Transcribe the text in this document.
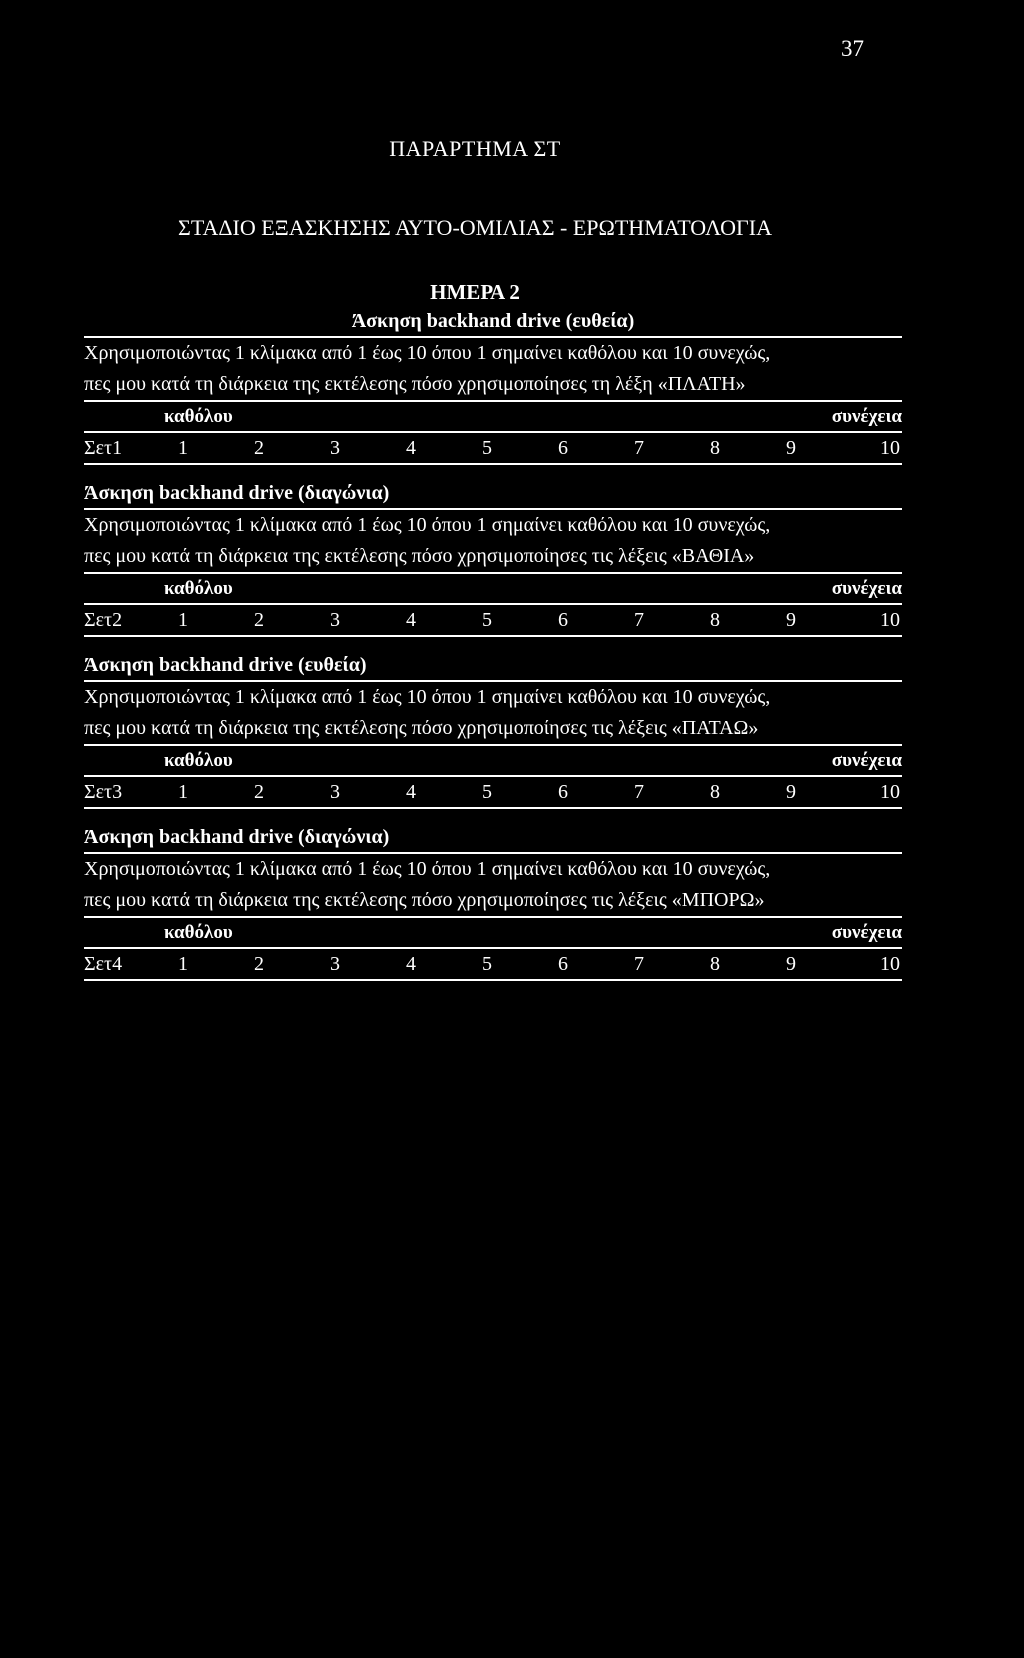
37
ΠΑΡΑΡΤΗΜΑ ΣΤ
ΣΤΑΔΙΟ ΕΞΑΣΚΗΣΗΣ ΑΥΤΟ-ΟΜΙΛΙΑΣ - ΕΡΩΤΗΜΑΤΟΛΟΓΙΑ
ΗΜΕΡΑ 2
Άσκηση backhand drive (ευθεία)
Χρησιμοποιώντας 1 κλίμακα από 1 έως 10 όπου 1 σημαίνει καθόλου και 10 συνεχώς,
πες μου κατά τη διάρκεια της εκτέλεσης πόσο χρησιμοποίησες τη λέξη «ΠΛΑΤΗ»
καθόλου	συνέχεια
Σετ1	1	2	3	4	5	6	7	8	9	10
Άσκηση backhand drive (διαγώνια)
Χρησιμοποιώντας 1 κλίμακα από 1 έως 10 όπου 1 σημαίνει καθόλου και 10 συνεχώς,
πες μου κατά τη διάρκεια της εκτέλεσης πόσο χρησιμοποίησες τις λέξεις «ΒΑΘΙΑ»
καθόλου	συνέχεια
Σετ2	1	2	3	4	5	6	7	8	9	10
Άσκηση backhand drive (ευθεία)
Χρησιμοποιώντας 1 κλίμακα από 1 έως 10 όπου 1 σημαίνει καθόλου και 10 συνεχώς,
πες μου κατά τη διάρκεια της εκτέλεσης πόσο χρησιμοποίησες τις λέξεις «ΠΑΤΑΩ»
καθόλου	συνέχεια
Σετ3	1	2	3	4	5	6	7	8	9	10
Άσκηση backhand drive (διαγώνια)
Χρησιμοποιώντας 1 κλίμακα από 1 έως 10 όπου 1 σημαίνει καθόλου και 10 συνεχώς,
πες μου κατά τη διάρκεια της εκτέλεσης πόσο χρησιμοποίησες τις λέξεις «ΜΠΟΡΩ»
καθόλου	συνέχεια
Σετ4	1	2	3	4	5	6	7	8	9	10
